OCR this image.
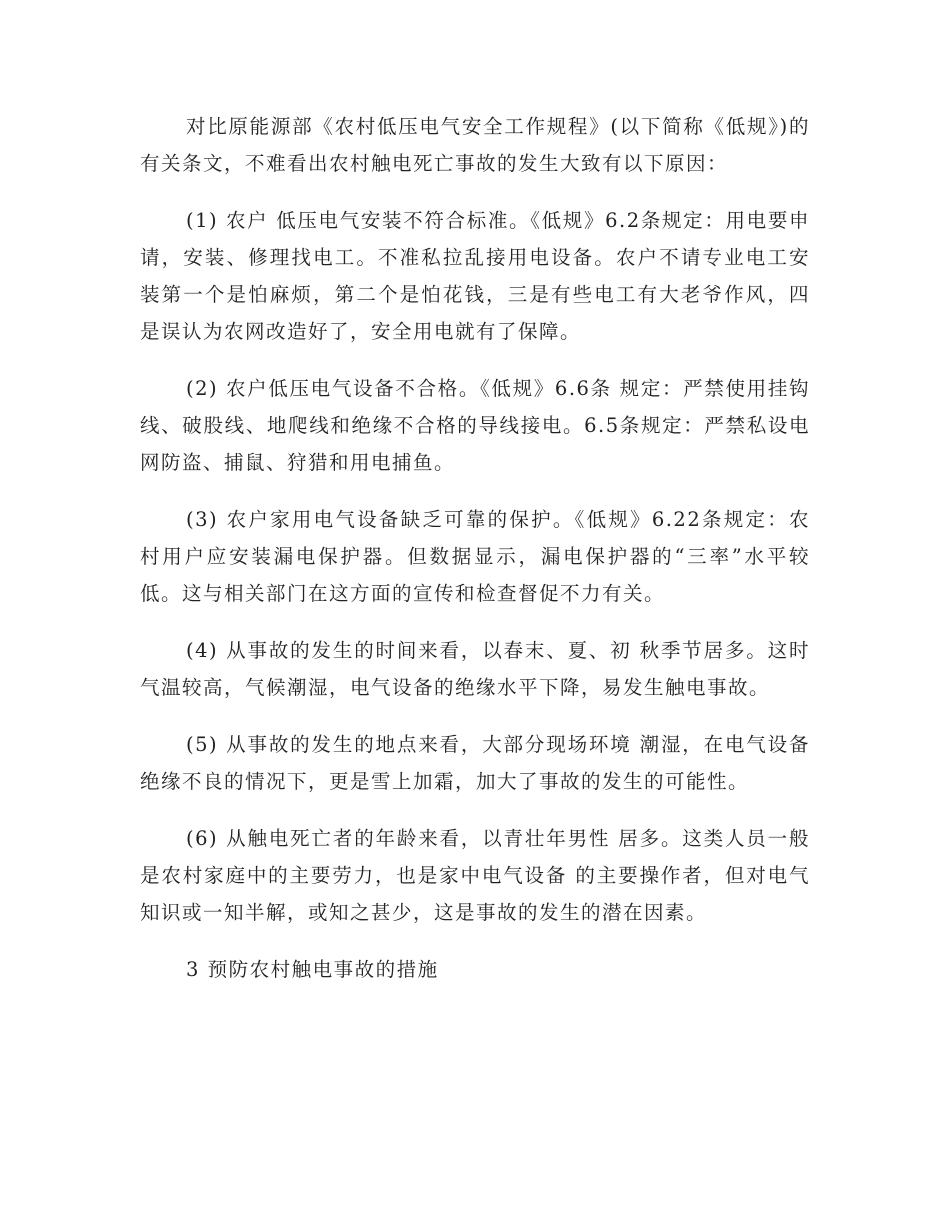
对比原能源部《农村低压电气安全工作规程》(以下简称《低规》)的有关条文，不难看出农村触电死亡事故的发生大致有以下原因：

(1) 农户 低压电气安装不符合标准。《低规》6.2条规定：用电要申请，安装、修理找电工。不准私拉乱接用电设备。农户不请专业电工安装第一个是怕麻烦，第二个是怕花钱，三是有些电工有大老爷作风，四是误认为农网改造好了，安全用电就有了保障。

(2) 农户低压电气设备不合格。《低规》6.6条 规定：严禁使用挂钩线、破股线、地爬线和绝缘不合格的导线接电。6.5条规定：严禁私设电网防盗、捕鼠、狩猎和用电捕鱼。

(3) 农户家用电气设备缺乏可靠的保护。《低规》6.22条规定：农村用户应安装漏电保护器。但数据显示，漏电保护器的“三率”水平较低。这与相关部门在这方面的宣传和检查督促不力有关。

(4) 从事故的发生的时间来看，以春末、夏、初 秋季节居多。这时气温较高，气候潮湿，电气设备的绝缘水平下降，易发生触电事故。

(5) 从事故的发生的地点来看，大部分现场环境 潮湿，在电气设备绝缘不良的情况下，更是雪上加霜，加大了事故的发生的可能性。

(6) 从触电死亡者的年龄来看，以青壮年男性 居多。这类人员一般是农村家庭中的主要劳力，也是家中电气设备 的主要操作者，但对电气知识或一知半解，或知之甚少，这是事故的发生的潜在因素。

3 预防农村触电事故的措施
